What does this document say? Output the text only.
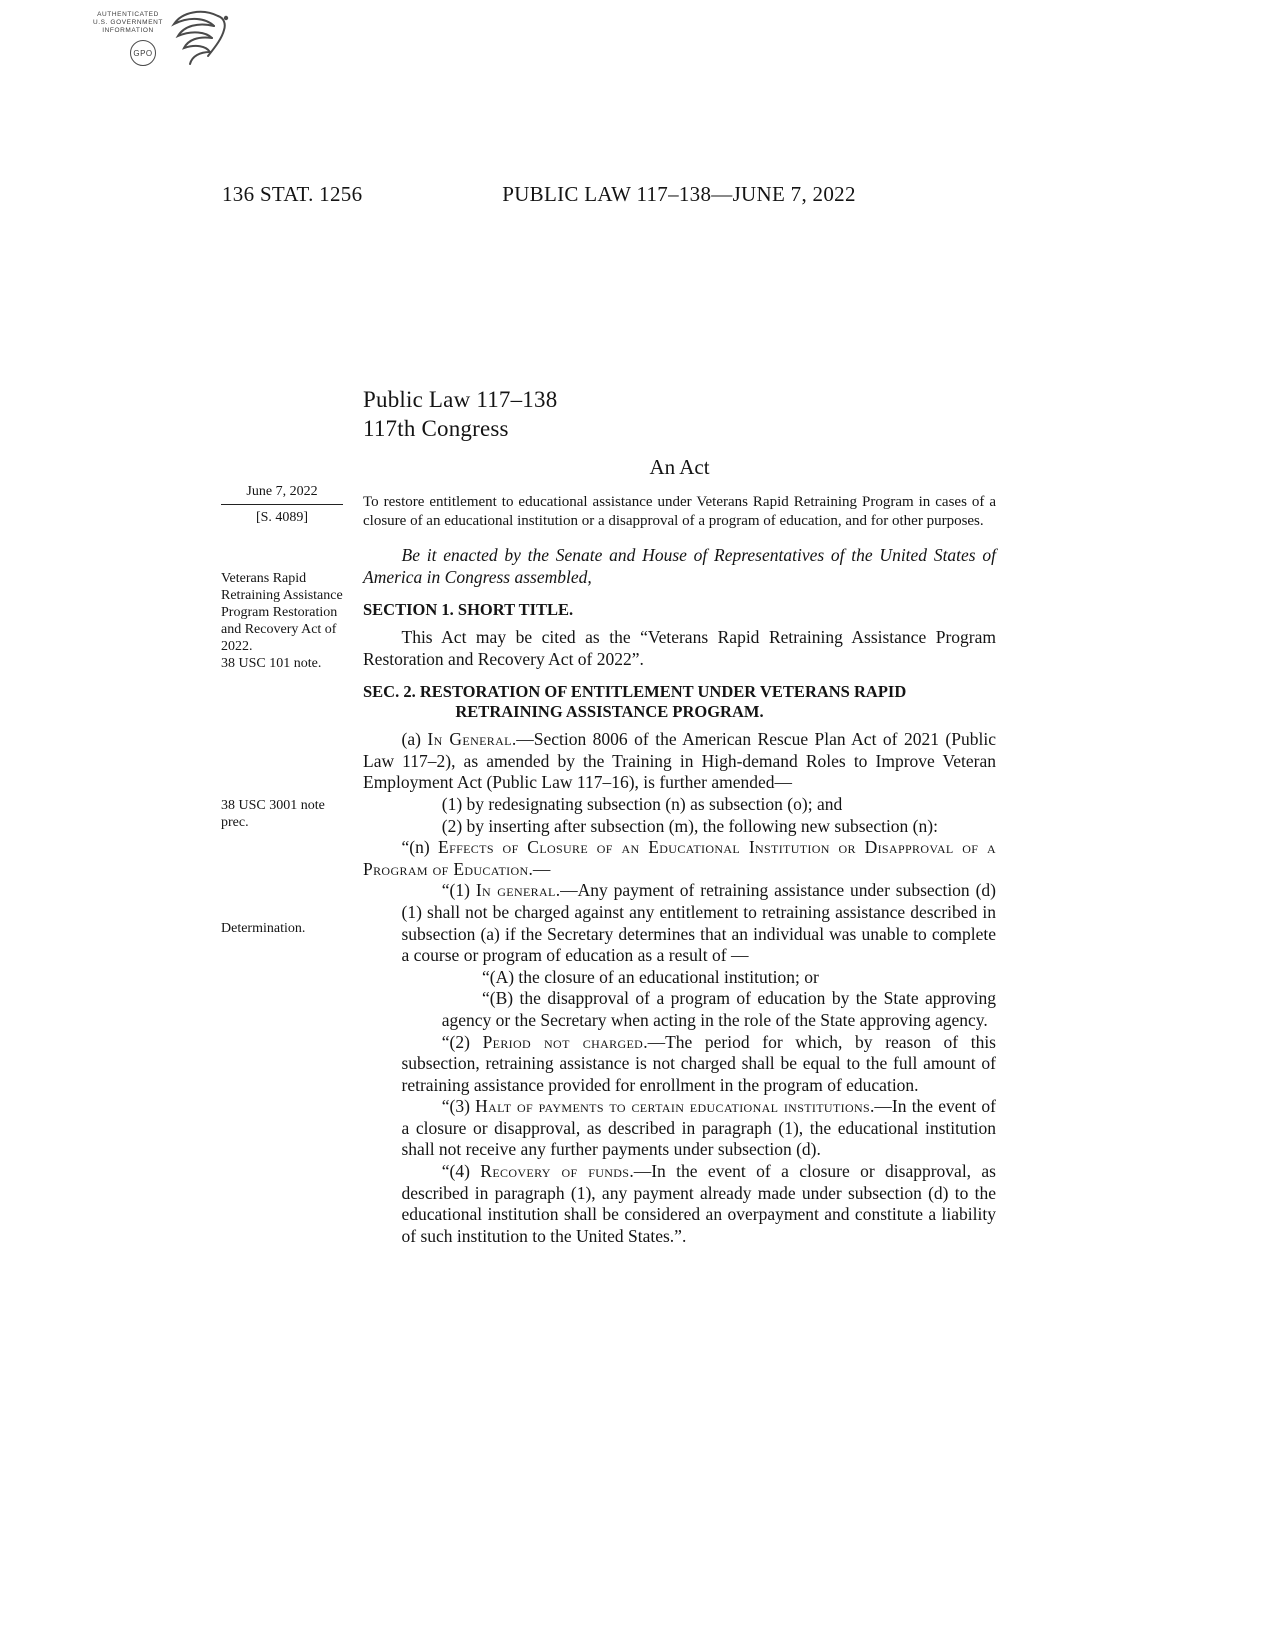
AUTHENTICATED
U.S. GOVERNMENT
INFORMATION
GPO
136 STAT. 1256	PUBLIC LAW 117–138—JUNE 7, 2022
June 7, 2022
[S. 4089]

Veterans Rapid Retraining Assistance Program Restoration and Recovery Act of 2022.

38 USC 101 note.

38 USC 3001 note prec.

Determination.

Public Law 117–138
117th Congress
An Act
To restore entitlement to educational assistance under Veterans Rapid Retraining Program in cases of a closure of an educational institution or a disapproval of a program of education, and for other purposes.
Be it enacted by the Senate and House of Representatives of the United States of America in Congress assembled,

SECTION 1. SHORT TITLE.

This Act may be cited as the “Veterans Rapid Retraining Assistance Program Restoration and Recovery Act of 2022”.

SEC. 2. RESTORATION OF ENTITLEMENT UNDER VETERANS RAPID RETRAINING ASSISTANCE PROGRAM.

(a) In General.—Section 8006 of the American Rescue Plan Act of 2021 (Public Law 117–2), as amended by the Training in High-demand Roles to Improve Veteran Employment Act (Public Law 117–16), is further amended—

(1) by redesignating subsection (n) as subsection (o); and

(2) by inserting after subsection (m), the following new subsection (n):

“(n) Effects of Closure of an Educational Institution or Disapproval of a Program of Education.—

“(1) In general.—Any payment of retraining assistance under subsection (d)(1) shall not be charged against any entitlement to retraining assistance described in subsection (a) if the Secretary determines that an individual was unable to complete a course or program of education as a result of —

“(A) the closure of an educational institution; or

“(B) the disapproval of a program of education by the State approving agency or the Secretary when acting in the role of the State approving agency.

“(2) Period not charged.—The period for which, by reason of this subsection, retraining assistance is not charged shall be equal to the full amount of retraining assistance provided for enrollment in the program of education.

“(3) Halt of payments to certain educational institutions.—In the event of a closure or disapproval, as described in paragraph (1), the educational institution shall not receive any further payments under subsection (d).

“(4) Recovery of funds.—In the event of a closure or disapproval, as described in paragraph (1), any payment already made under subsection (d) to the educational institution shall be considered an overpayment and constitute a liability of such institution to the United States.”.
